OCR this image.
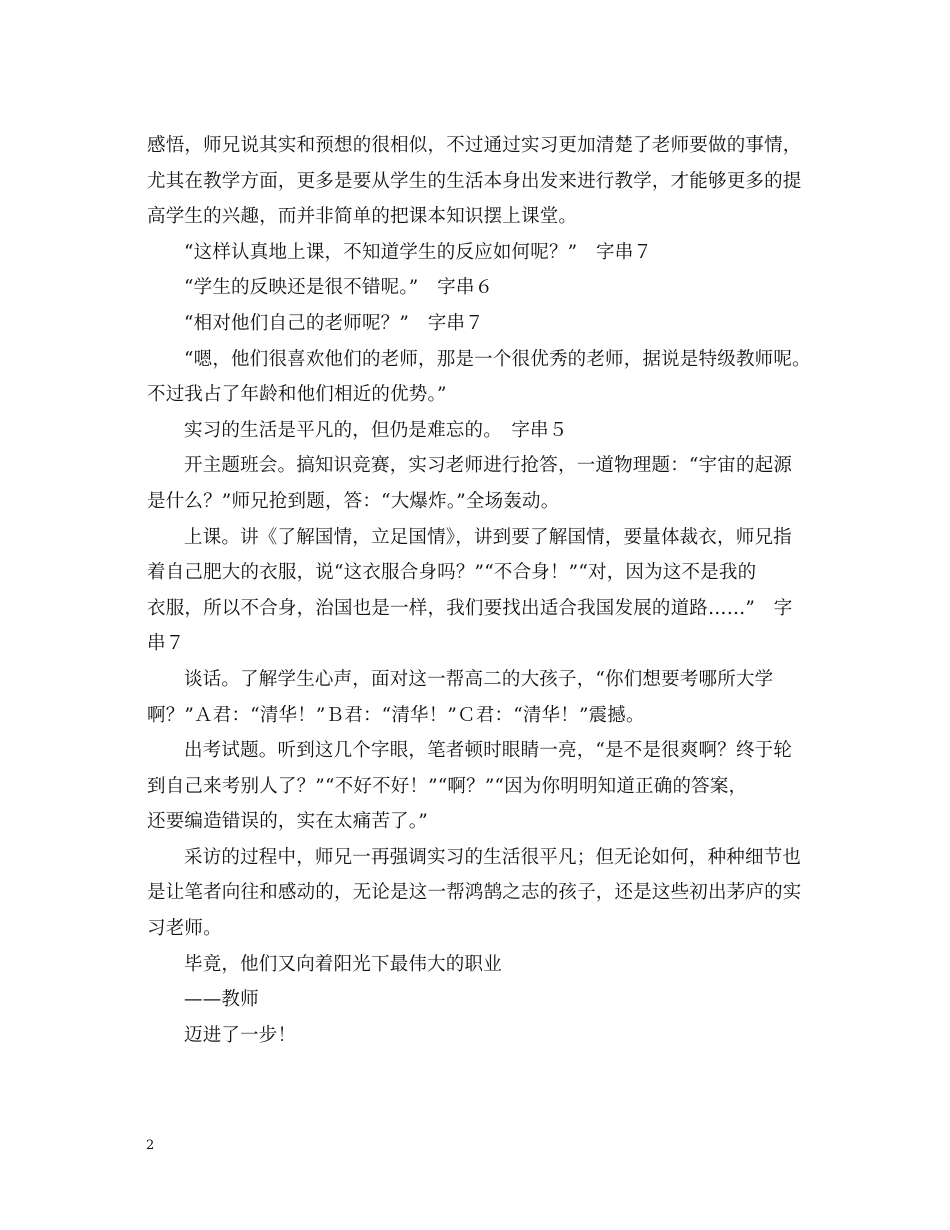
感悟，师兄说其实和预想的很相似，不过通过实习更加清楚了老师要做的事情，
尤其在教学方面，更多是要从学生的生活本身出发来进行教学，才能够更多的提
高学生的兴趣，而并非简单的把课本知识摆上课堂。
“这样认真地上课，不知道学生的反应如何呢？”　字串７
“学生的反映还是很不错呢。”　字串６
“相对他们自己的老师呢？”　字串７
“嗯，他们很喜欢他们的老师，那是一个很优秀的老师，据说是特级教师呢。
不过我占了年龄和他们相近的优势。”
实习的生活是平凡的，但仍是难忘的。　字串５
开主题班会。搞知识竞赛，实习老师进行抢答，一道物理题：“宇宙的起源
是什么？”师兄抢到题，答：“大爆炸。”全场轰动。
上课。讲《了解国情，立足国情》，讲到要了解国情，要量体裁衣，师兄指
着自己肥大的衣服，说“这衣服合身吗？”“不合身！”“对，因为这不是我的
衣服，所以不合身，治国也是一样，我们要找出适合我国发展的道路……”　字
串７
谈话。了解学生心声，面对这一帮高二的大孩子，“你们想要考哪所大学
啊？”Ａ君：“清华！”Ｂ君：“清华！”Ｃ君：“清华！”震撼。
出考试题。听到这几个字眼，笔者顿时眼睛一亮，“是不是很爽啊？终于轮
到自己来考别人了？”“不好不好！”“啊？”“因为你明明知道正确的答案，
还要编造错误的，实在太痛苦了。”
采访的过程中，师兄一再强调实习的生活很平凡；但无论如何，种种细节也
是让笔者向往和感动的，无论是这一帮鸿鹄之志的孩子，还是这些初出茅庐的实
习老师。
毕竟，他们又向着阳光下最伟大的职业
——教师
迈进了一步！
2
